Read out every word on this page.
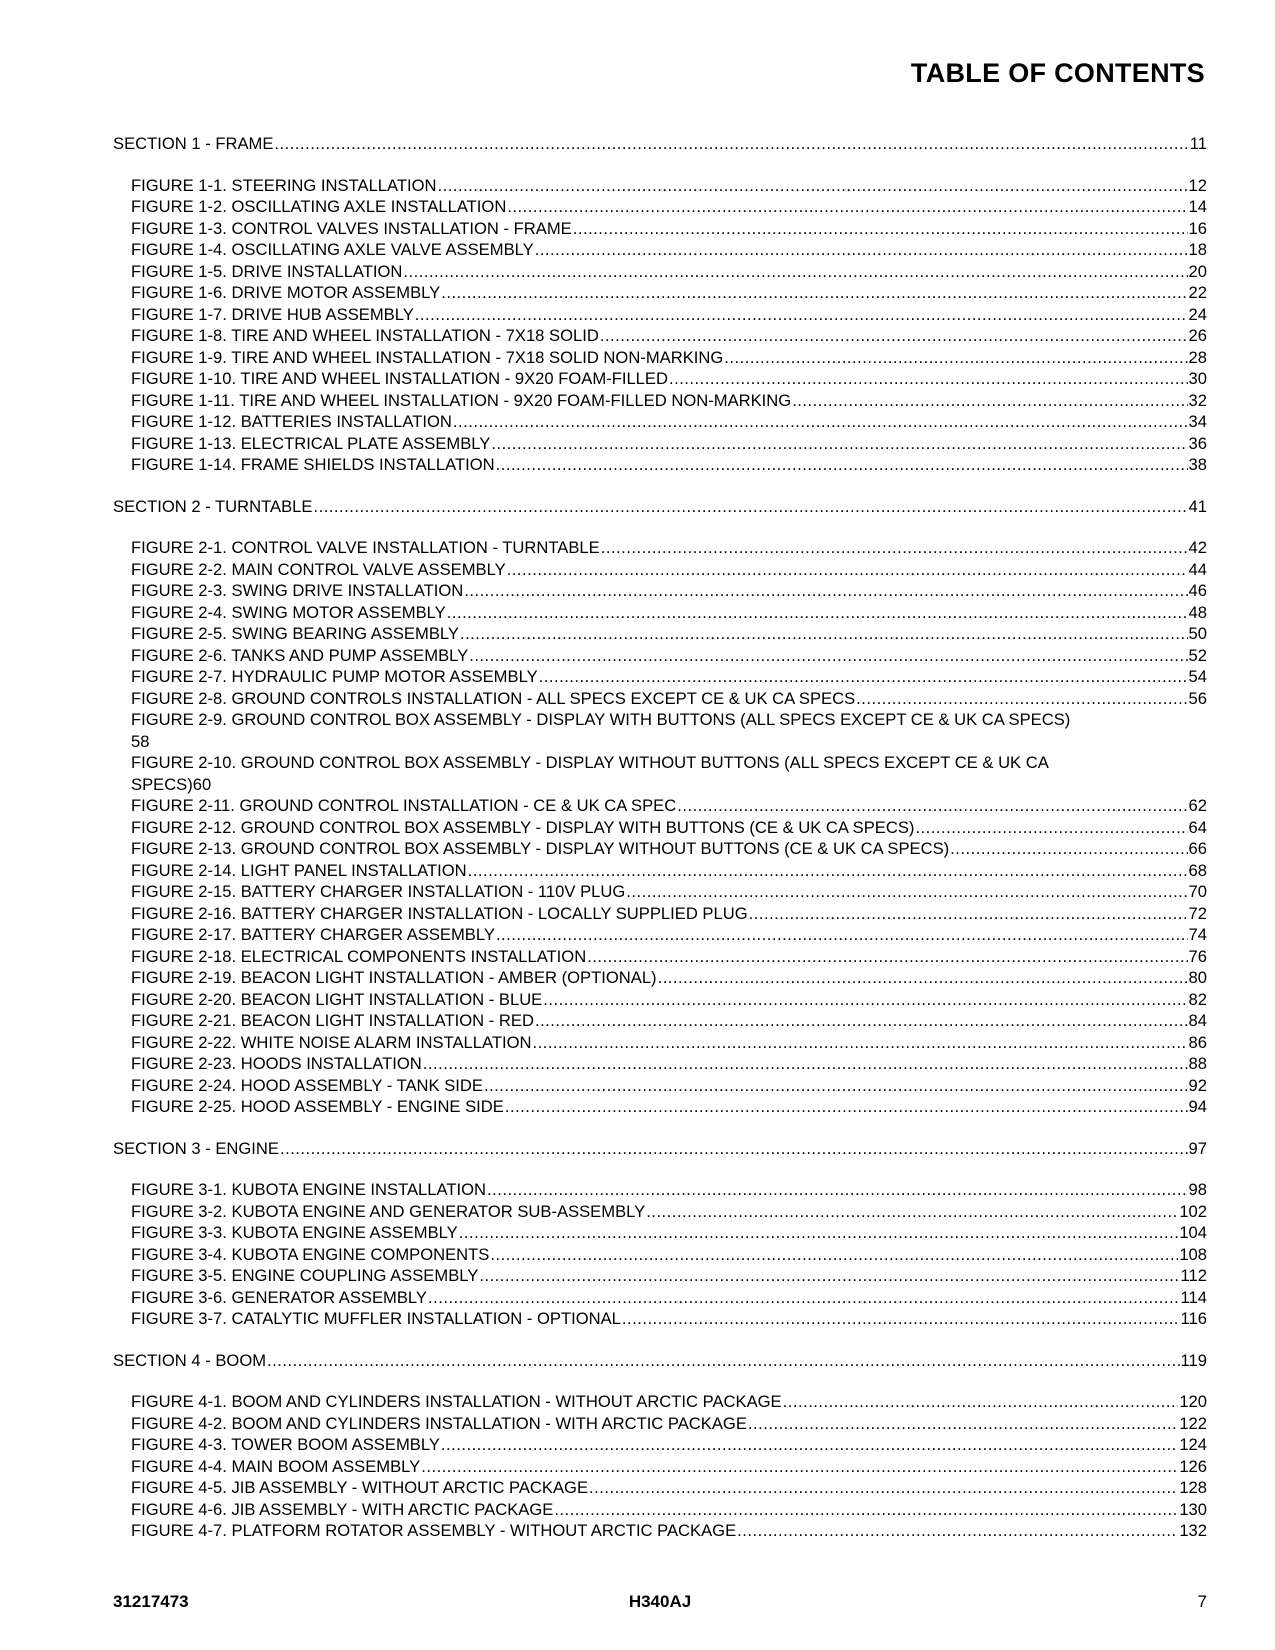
TABLE OF CONTENTS
SECTION 1 - FRAME .....	11
FIGURE 1-1. STEERING INSTALLATION .....	12
FIGURE 1-2. OSCILLATING AXLE INSTALLATION .....	14
FIGURE 1-3. CONTROL VALVES INSTALLATION - FRAME .....	16
FIGURE 1-4. OSCILLATING AXLE VALVE ASSEMBLY .....	18
FIGURE 1-5. DRIVE INSTALLATION .....	20
FIGURE 1-6. DRIVE MOTOR ASSEMBLY .....	22
FIGURE 1-7. DRIVE HUB ASSEMBLY .....	24
FIGURE 1-8. TIRE AND WHEEL INSTALLATION - 7X18 SOLID .....	26
FIGURE 1-9. TIRE AND WHEEL INSTALLATION - 7X18 SOLID NON-MARKING .....	28
FIGURE 1-10. TIRE AND WHEEL INSTALLATION - 9X20 FOAM-FILLED .....	30
FIGURE 1-11. TIRE AND WHEEL INSTALLATION - 9X20 FOAM-FILLED NON-MARKING .....	32
FIGURE 1-12. BATTERIES INSTALLATION .....	34
FIGURE 1-13. ELECTRICAL PLATE ASSEMBLY .....	36
FIGURE 1-14. FRAME SHIELDS INSTALLATION .....	38
SECTION 2 - TURNTABLE .....	41
FIGURE 2-1. CONTROL VALVE INSTALLATION - TURNTABLE .....	42
FIGURE 2-2. MAIN CONTROL VALVE ASSEMBLY .....	44
FIGURE 2-3. SWING DRIVE INSTALLATION .....	46
FIGURE 2-4. SWING MOTOR ASSEMBLY .....	48
FIGURE 2-5. SWING BEARING ASSEMBLY .....	50
FIGURE 2-6. TANKS AND PUMP ASSEMBLY .....	52
FIGURE 2-7. HYDRAULIC PUMP MOTOR ASSEMBLY .....	54
FIGURE 2-8. GROUND CONTROLS INSTALLATION - ALL SPECS EXCEPT CE & UK CA SPECS .....	56
FIGURE 2-9. GROUND CONTROL BOX ASSEMBLY - DISPLAY WITH BUTTONS (ALL SPECS EXCEPT CE & UK CA SPECS)
58
FIGURE 2-10. GROUND CONTROL BOX ASSEMBLY - DISPLAY WITHOUT BUTTONS (ALL SPECS EXCEPT CE & UK CA
SPECS) 60
FIGURE 2-11. GROUND CONTROL INSTALLATION - CE & UK CA SPEC .....	62
FIGURE 2-12. GROUND CONTROL BOX ASSEMBLY - DISPLAY WITH BUTTONS (CE & UK CA SPECS) .....	64
FIGURE 2-13. GROUND CONTROL BOX ASSEMBLY - DISPLAY WITHOUT BUTTONS (CE & UK CA SPECS) .....	66
FIGURE 2-14. LIGHT PANEL INSTALLATION .....	68
FIGURE 2-15. BATTERY CHARGER INSTALLATION - 110V PLUG .....	70
FIGURE 2-16. BATTERY CHARGER INSTALLATION - LOCALLY SUPPLIED PLUG .....	72
FIGURE 2-17. BATTERY CHARGER ASSEMBLY .....	74
FIGURE 2-18. ELECTRICAL COMPONENTS INSTALLATION .....	76
FIGURE 2-19. BEACON LIGHT INSTALLATION - AMBER (OPTIONAL) .....	80
FIGURE 2-20. BEACON LIGHT INSTALLATION - BLUE .....	82
FIGURE 2-21. BEACON LIGHT INSTALLATION - RED .....	84
FIGURE 2-22. WHITE NOISE ALARM INSTALLATION .....	86
FIGURE 2-23. HOODS INSTALLATION .....	88
FIGURE 2-24. HOOD ASSEMBLY - TANK SIDE .....	92
FIGURE 2-25. HOOD ASSEMBLY - ENGINE SIDE .....	94
SECTION 3 - ENGINE .....	97
FIGURE 3-1. KUBOTA ENGINE INSTALLATION .....	98
FIGURE 3-2. KUBOTA ENGINE AND GENERATOR SUB-ASSEMBLY .....	102
FIGURE 3-3. KUBOTA ENGINE ASSEMBLY .....	104
FIGURE 3-4. KUBOTA ENGINE COMPONENTS .....	108
FIGURE 3-5. ENGINE COUPLING ASSEMBLY .....	112
FIGURE 3-6. GENERATOR ASSEMBLY .....	114
FIGURE 3-7. CATALYTIC MUFFLER INSTALLATION - OPTIONAL .....	116
SECTION 4 - BOOM .....	119
FIGURE 4-1. BOOM AND CYLINDERS INSTALLATION - WITHOUT ARCTIC PACKAGE .....	120
FIGURE 4-2. BOOM AND CYLINDERS INSTALLATION - WITH ARCTIC PACKAGE .....	122
FIGURE 4-3. TOWER BOOM ASSEMBLY .....	124
FIGURE 4-4. MAIN BOOM ASSEMBLY .....	126
FIGURE 4-5. JIB ASSEMBLY - WITHOUT ARCTIC PACKAGE .....	128
FIGURE 4-6. JIB ASSEMBLY - WITH ARCTIC PACKAGE .....	130
FIGURE 4-7. PLATFORM ROTATOR ASSEMBLY - WITHOUT ARCTIC PACKAGE .....	132
31217473	H340AJ	7
